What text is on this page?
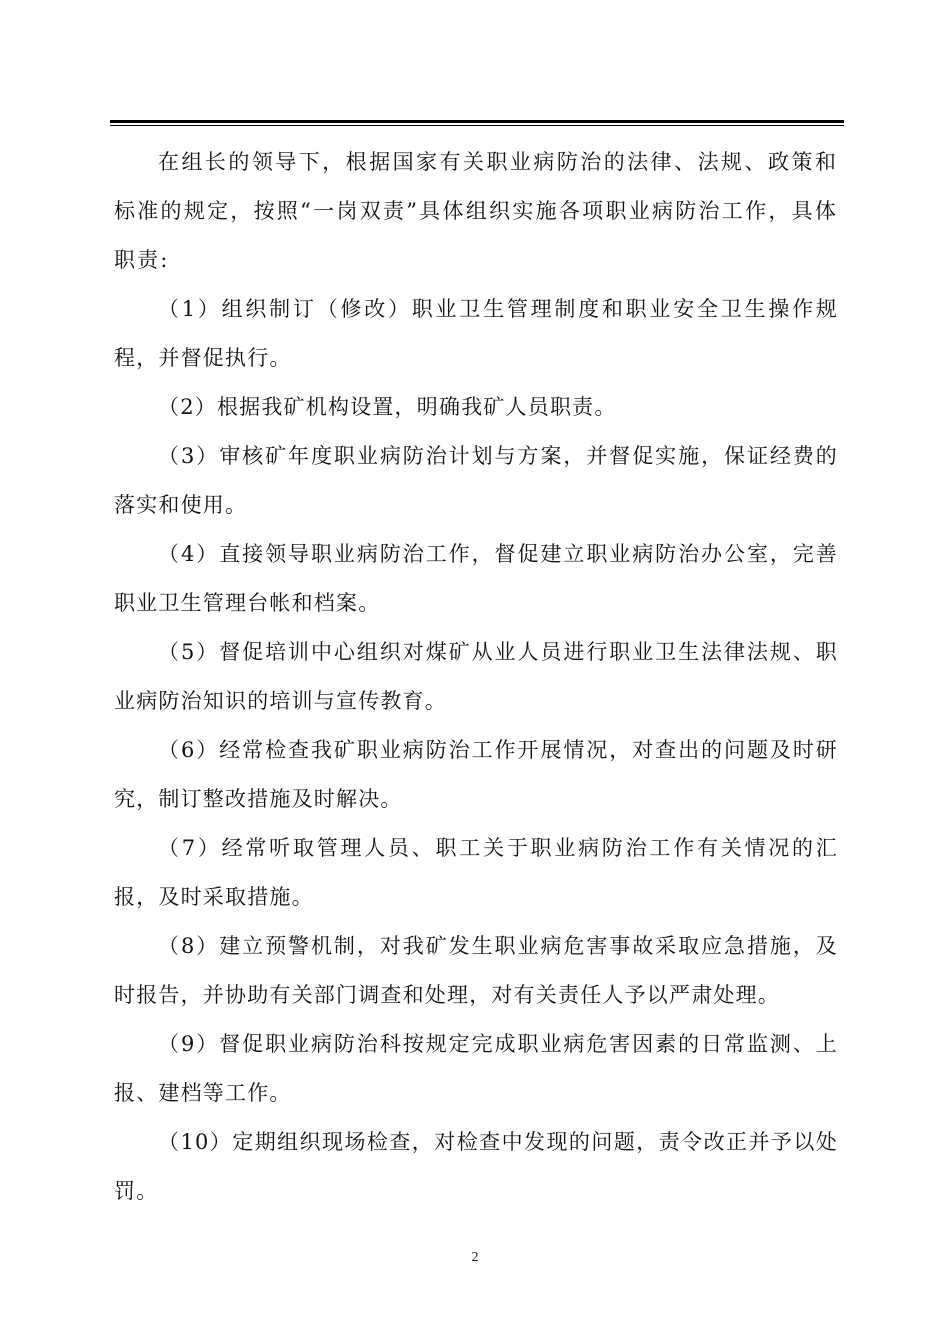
在组长的领导下，根据国家有关职业病防治的法律、法规、政策和标准的规定，按照“一岗双责”具体组织实施各项职业病防治工作，具体职责:

（1）组织制订（修改）职业卫生管理制度和职业安全卫生操作规程，并督促执行。

（2）根据我矿机构设置，明确我矿人员职责。

（3）审核矿年度职业病防治计划与方案，并督促实施，保证经费的落实和使用。

（4）直接领导职业病防治工作，督促建立职业病防治办公室，完善职业卫生管理台帐和档案。

（5）督促培训中心组织对煤矿从业人员进行职业卫生法律法规、职业病防治知识的培训与宣传教育。

（6）经常检查我矿职业病防治工作开展情况，对查出的问题及时研究，制订整改措施及时解决。

（7）经常听取管理人员、职工关于职业病防治工作有关情况的汇报，及时采取措施。

（8）建立预警机制，对我矿发生职业病危害事故采取应急措施，及时报告，并协助有关部门调查和处理，对有关责任人予以严肃处理。

（9）督促职业病防治科按规定完成职业病危害因素的日常监测、上报、建档等工作。

（10）定期组织现场检查，对检查中发现的问题，责令改正并予以处罚。

2
